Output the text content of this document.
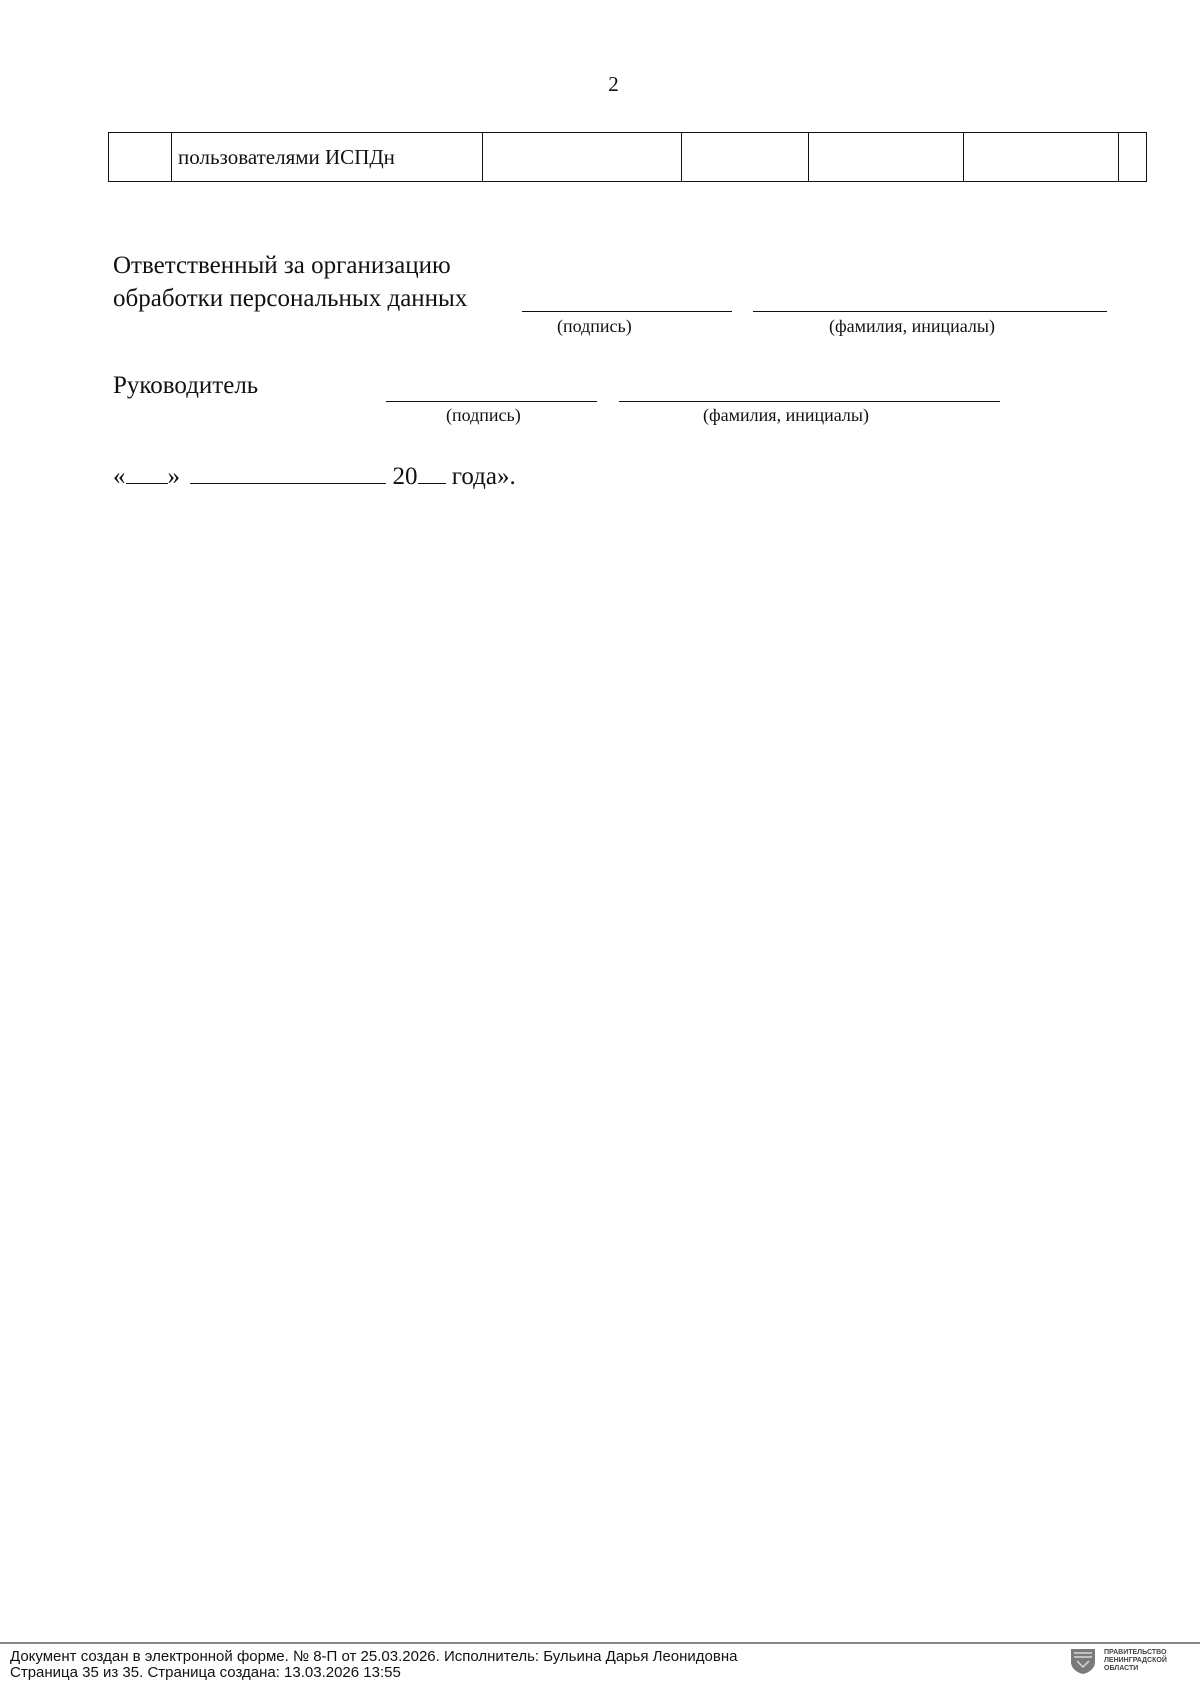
2
	пользователями ИСПДн					
Ответственный за организацию
обработки персональных данных
(подпись)	(фамилия, инициалы)
Руководитель
(подпись)	(фамилия, инициалы)
« »	20 года».
Документ создан в электронной форме. № 8-П от 25.03.2026. Исполнитель: Бульина Дарья Леонидовна
Страница 35 из 35. Страница создана: 13.03.2026 13:55
ПРАВИТЕЛЬСТВО ЛЕНИНГРАДСКОЙ ОБЛАСТИ
